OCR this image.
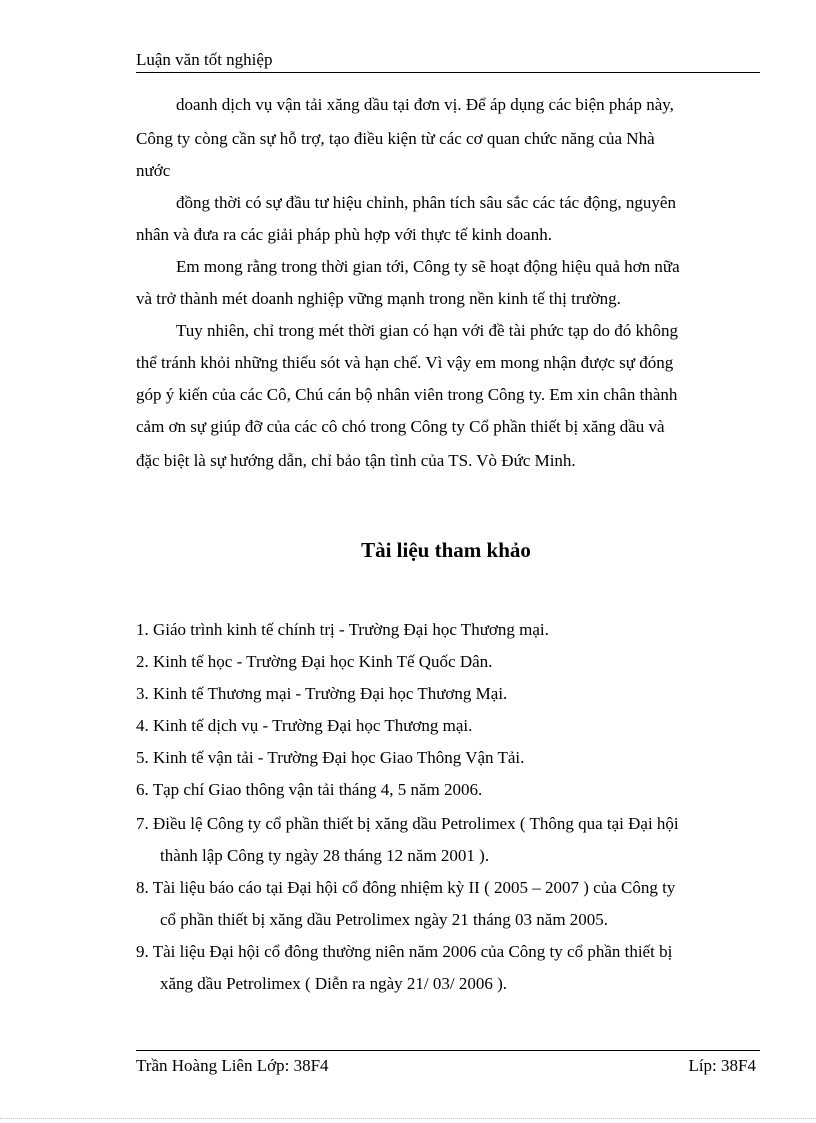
Luận văn tốt nghiệp
doanh dịch vụ vận tải xăng dầu tại đơn vị. Để áp dụng các biện pháp này,
Công ty còng cần sự hỗ trợ, tạo điều kiện từ các cơ quan chức năng của Nhà
nước
đồng thời có sự đầu tư hiệu chỉnh, phân tích sâu sắc các tác động, nguyên
nhân và đưa ra các giải pháp phù hợp với thực tế kinh doanh.
Em mong rằng trong thời gian tới, Công ty sẽ hoạt động hiệu quả hơn nữa
và trở thành mét doanh nghiệp vững mạnh trong nền kinh tế thị trường.
Tuy nhiên, chỉ trong mét thời gian có hạn với đề tài phức tạp do đó không
thể tránh khỏi những thiếu sót và hạn chế. Vì vậy em mong nhận được sự đóng
góp ý kiến của các Cô, Chú cán bộ nhân viên trong Công ty. Em xin chân thành
cảm ơn sự giúp đỡ của các cô chó trong Công ty Cổ phần thiết bị xăng dầu và
đặc biệt là sự hướng dẫn, chỉ bảo tận tình của TS. Vò Đức Minh.
Tài liệu tham khảo
1. Giáo trình kinh tế chính trị - Trường Đại học Thương mại.
2. Kinh tế học - Trường Đại học Kinh Tế Quốc Dân.
3. Kinh tế Thương mại - Trường Đại học Thương Mại.
4. Kinh tế dịch vụ - Trường Đại học Thương mại.
5. Kinh tế vận tải - Trường Đại học Giao Thông Vận Tải.
6. Tạp chí Giao thông vận tải tháng 4, 5 năm 2006.
7. Điều lệ Công ty cổ phần thiết bị xăng dầu Petrolimex ( Thông qua tại Đại hội
thành lập Công ty ngày 28 tháng 12 năm 2001 ).
8. Tài liệu báo cáo tại Đại hội cổ đông nhiệm kỳ II ( 2005 – 2007 ) của Công ty
cổ phần thiết bị xăng dầu Petrolimex ngày 21 tháng 03 năm 2005.
9. Tài liệu Đại hội cổ đông thường niên năm 2006 của Công ty cổ phần thiết bị
xăng dầu Petrolimex ( Diễn ra ngày 21/ 03/ 2006 ).
Trần Hoàng Liên Lớp: 38F4	Líp: 38F4
